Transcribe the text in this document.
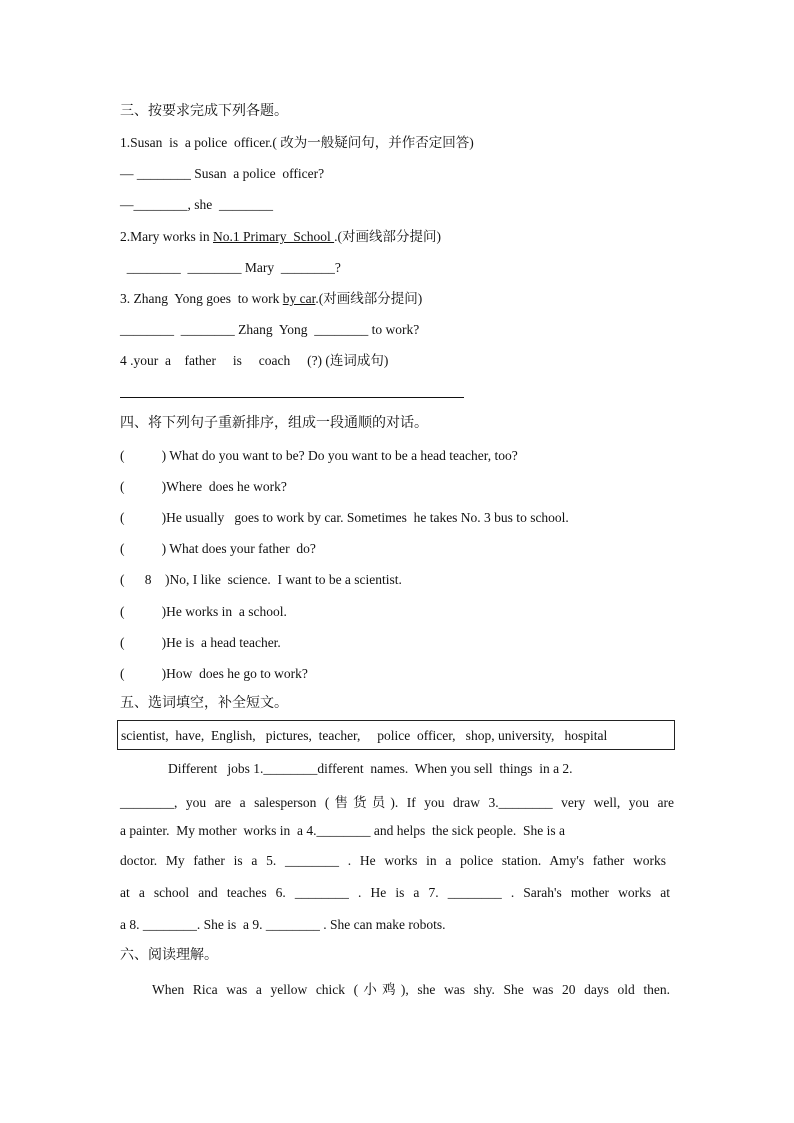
三、按要求完成下列各题。
1.Susan  is  a police  officer.( 改为一般疑问句，并作否定回答)
— ________ Susan  a police  officer?
—________, she  ________
2.Mary works in No.1 Primary  School .(对画线部分提问)
________  ________ Mary  ________?
3. Zhang  Yong goes  to work by car.(对画线部分提问)
________  ________ Zhang  Yong  ________ to work?
4 .your  a    father     is     coach     (?) (连词成句)
四、将下列句子重新排序，组成一段通顺的对话。
(           ) What do you want to be? Do you want to be a head teacher, too?
(           )Where  does he work?
(           )He usually   goes to work by car. Sometimes  he takes No. 3 bus to school.
(           ) What does your father  do?
(      8    )No, I like  science.  I want to be a scientist.
(           )He works in  a school.
(           )He is  a head teacher.
(           )How  does he go to work?
五、选词填空，补全短文。
scientist,  have,  English,   pictures,  teacher,     police  officer,   shop, university,   hospital
Different   jobs 1.________different  names.  When you sell  things  in a 2.
________, you are a salesperson (售货员). If you draw 3.________ very well, you are
a painter.  My mother  works in  a 4.________ and helps  the sick people.  She is a
doctor. My father is a 5. ________ . He works in a police station. Amy's father works
at a school and teaches 6. ________ . He is a 7. ________ . Sarah's mother works at
a 8. ________. She is  a 9. ________ . She can make robots.
六、阅读理解。
When Rica was a yellow chick (小鸡), she was shy. She was 20 days old then.
